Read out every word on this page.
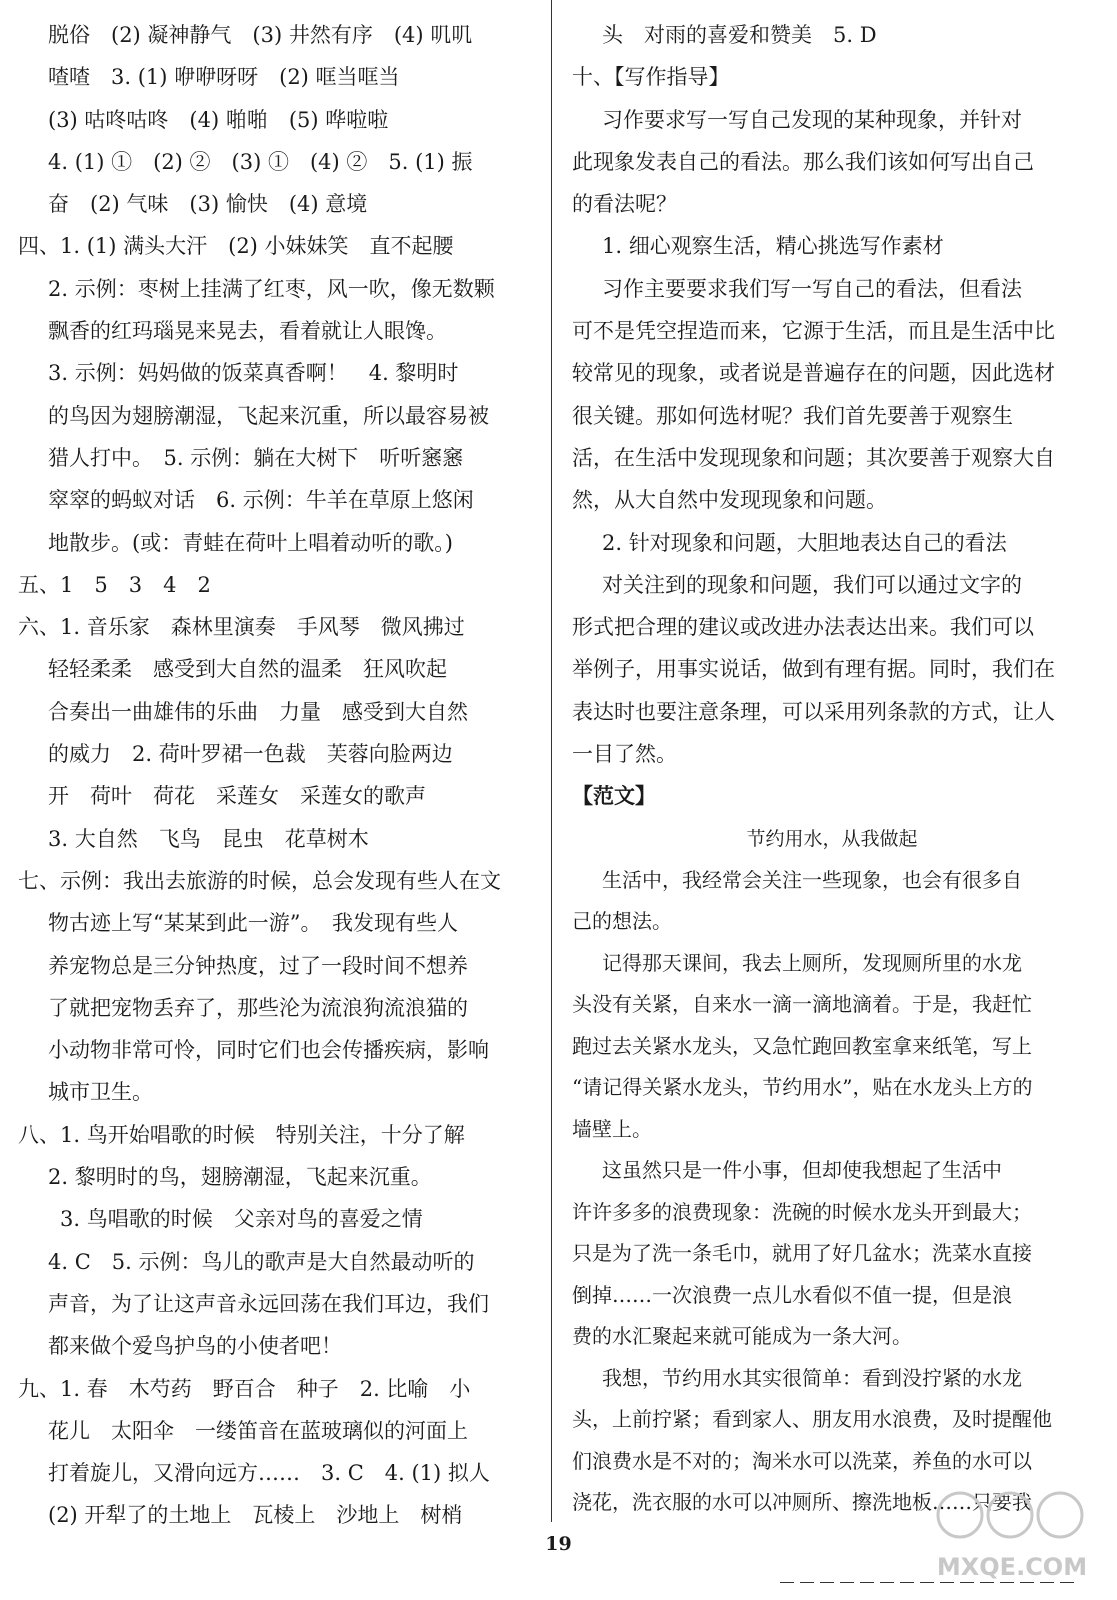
脱俗　(2) 凝神静气　(3) 井然有序　(4) 叽叽
喳喳　3. (1) 咿咿呀呀　(2) 哐当哐当
(3) 咕咚咕咚　(4) 啪啪　(5) 哗啦啦
4. (1) ①　(2) ②　(3) ①　(4) ②　5. (1) 振
奋　(2) 气味　(3) 愉快　(4) 意境
四、1. (1) 满头大汗　(2) 小妹妹笑　直不起腰
2. 示例：枣树上挂满了红枣，风一吹，像无数颗
飘香的红玛瑙晃来晃去，看着就让人眼馋。
3. 示例：妈妈做的饭菜真香啊！　4. 黎明时
的鸟因为翅膀潮湿，飞起来沉重，所以最容易被
猎人打中。　5. 示例：躺在大树下　听听窸窸
窣窣的蚂蚁对话　6. 示例：牛羊在草原上悠闲
地散步。(或：青蛙在荷叶上唱着动听的歌。)
五、1　5　3　4　2
六、1. 音乐家　森林里演奏　手风琴　微风拂过
轻轻柔柔　感受到大自然的温柔　狂风吹起
合奏出一曲雄伟的乐曲　力量　感受到大自然
的威力　2. 荷叶罗裙一色裁　芙蓉向脸两边
开　荷叶　荷花　采莲女　采莲女的歌声
3. 大自然　飞鸟　昆虫　花草树木
七、示例：我出去旅游的时候，总会发现有些人在文
物古迹上写“某某到此一游”。　我发现有些人
养宠物总是三分钟热度，过了一段时间不想养
了就把宠物丢弃了，那些沦为流浪狗流浪猫的
小动物非常可怜，同时它们也会传播疾病，影响
城市卫生。
八、1. 鸟开始唱歌的时候　特别关注，十分了解
2. 黎明时的鸟，翅膀潮湿，飞起来沉重。
3. 鸟唱歌的时候　父亲对鸟的喜爱之情
4. C　5. 示例：鸟儿的歌声是大自然最动听的
声音，为了让这声音永远回荡在我们耳边，我们
都来做个爱鸟护鸟的小使者吧！
九、1. 春　木芍药　野百合　种子　2. 比喻　小
花儿　太阳伞　一缕笛音在蓝玻璃似的河面上
打着旋儿，又滑向远方……　3. C　4. (1) 拟人
(2) 开犁了的土地上　瓦棱上　沙地上　树梢
头　对雨的喜爱和赞美　5. D
十、【写作指导】
习作要求写一写自己发现的某种现象，并针对
此现象发表自己的看法。那么我们该如何写出自己
的看法呢？
1. 细心观察生活，精心挑选写作素材
习作主要要求我们写一写自己的看法，但看法
可不是凭空捏造而来，它源于生活，而且是生活中比
较常见的现象，或者说是普遍存在的问题，因此选材
很关键。那如何选材呢？我们首先要善于观察生
活，在生活中发现现象和问题；其次要善于观察大自
然，从大自然中发现现象和问题。
2. 针对现象和问题，大胆地表达自己的看法
对关注到的现象和问题，我们可以通过文字的
形式把合理的建议或改进办法表达出来。我们可以
举例子，用事实说话，做到有理有据。同时，我们在
表达时也要注意条理，可以采用列条款的方式，让人
一目了然。
【范文】
节约用水，从我做起
生活中，我经常会关注一些现象，也会有很多自
己的想法。
记得那天课间，我去上厕所，发现厕所里的水龙
头没有关紧，自来水一滴一滴地滴着。于是，我赶忙
跑过去关紧水龙头，又急忙跑回教室拿来纸笔，写上
“请记得关紧水龙头，节约用水”，贴在水龙头上方的
墙壁上。
这虽然只是一件小事，但却使我想起了生活中
许许多多的浪费现象：洗碗的时候水龙头开到最大；
只是为了洗一条毛巾，就用了好几盆水；洗菜水直接
倒掉……一次浪费一点儿水看似不值一提，但是浪
费的水汇聚起来就可能成为一条大河。
我想，节约用水其实很简单：看到没拧紧的水龙
头，上前拧紧；看到家人、朋友用水浪费，及时提醒他
们浪费水是不对的；淘米水可以洗菜，养鱼的水可以
浇花，洗衣服的水可以冲厕所、擦洗地板……只要我
19
MXQE.COM
